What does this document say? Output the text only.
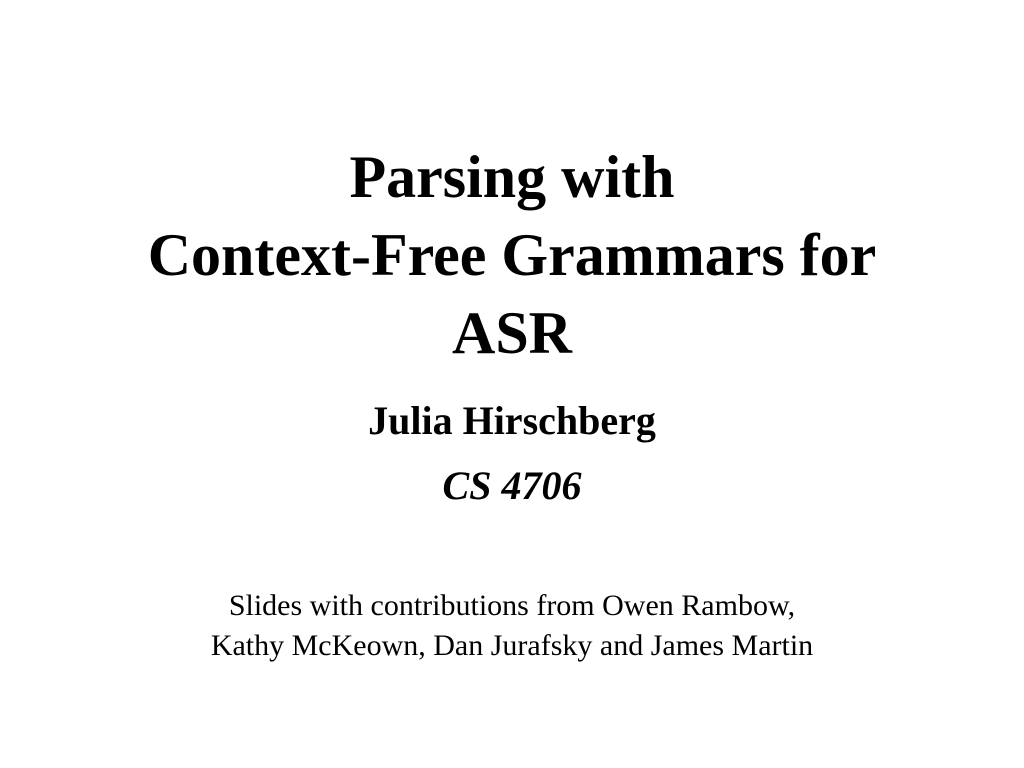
Parsing with
Context-Free Grammars for
ASR
Julia Hirschberg
CS 4706
Slides with contributions from Owen Rambow,
Kathy McKeown, Dan Jurafsky and James Martin
